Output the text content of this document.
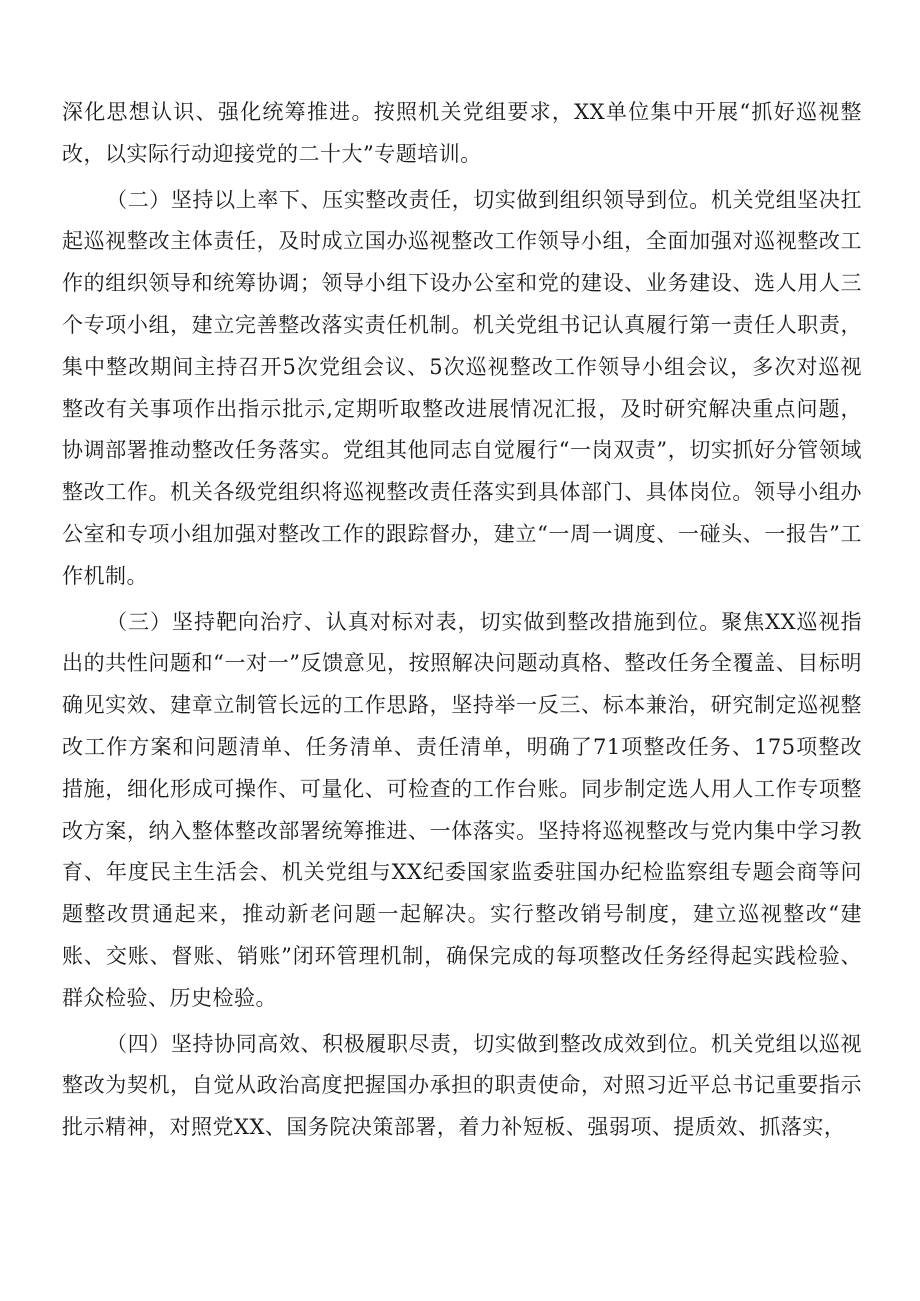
深化思想认识、强化统筹推进。按照机关党组要求，XX单位集中开展“抓好巡视整改，以实际行动迎接党的二十大”专题培训。

（二）坚持以上率下、压实整改责任，切实做到组织领导到位。机关党组坚决扛起巡视整改主体责任，及时成立国办巡视整改工作领导小组，全面加强对巡视整改工作的组织领导和统筹协调；领导小组下设办公室和党的建设、业务建设、选人用人三个专项小组，建立完善整改落实责任机制。机关党组书记认真履行第一责任人职责，集中整改期间主持召开5次党组会议、5次巡视整改工作领导小组会议，多次对巡视整改有关事项作出指示批示,定期听取整改进展情况汇报，及时研究解决重点问题，协调部署推动整改任务落实。党组其他同志自觉履行“一岗双责”，切实抓好分管领域整改工作。机关各级党组织将巡视整改责任落实到具体部门、具体岗位。领导小组办公室和专项小组加强对整改工作的跟踪督办，建立“一周一调度、一碰头、一报告”工作机制。

（三）坚持靶向治疗、认真对标对表，切实做到整改措施到位。聚焦XX巡视指出的共性问题和“一对一”反馈意见，按照解决问题动真格、整改任务全覆盖、目标明确见实效、建章立制管长远的工作思路，坚持举一反三、标本兼治，研究制定巡视整改工作方案和问题清单、任务清单、责任清单，明确了71项整改任务、175项整改措施，细化形成可操作、可量化、可检查的工作台账。同步制定选人用人工作专项整改方案，纳入整体整改部署统筹推进、一体落实。坚持将巡视整改与党内集中学习教育、年度民主生活会、机关党组与XX纪委国家监委驻国办纪检监察组专题会商等问题整改贯通起来，推动新老问题一起解决。实行整改销号制度，建立巡视整改“建账、交账、督账、销账”闭环管理机制，确保完成的每项整改任务经得起实践检验、群众检验、历史检验。

（四）坚持协同高效、积极履职尽责，切实做到整改成效到位。机关党组以巡视整改为契机，自觉从政治高度把握国办承担的职责使命，对照习近平总书记重要指示批示精神，对照党XX、国务院决策部署，着力补短板、强弱项、提质效、抓落实，
